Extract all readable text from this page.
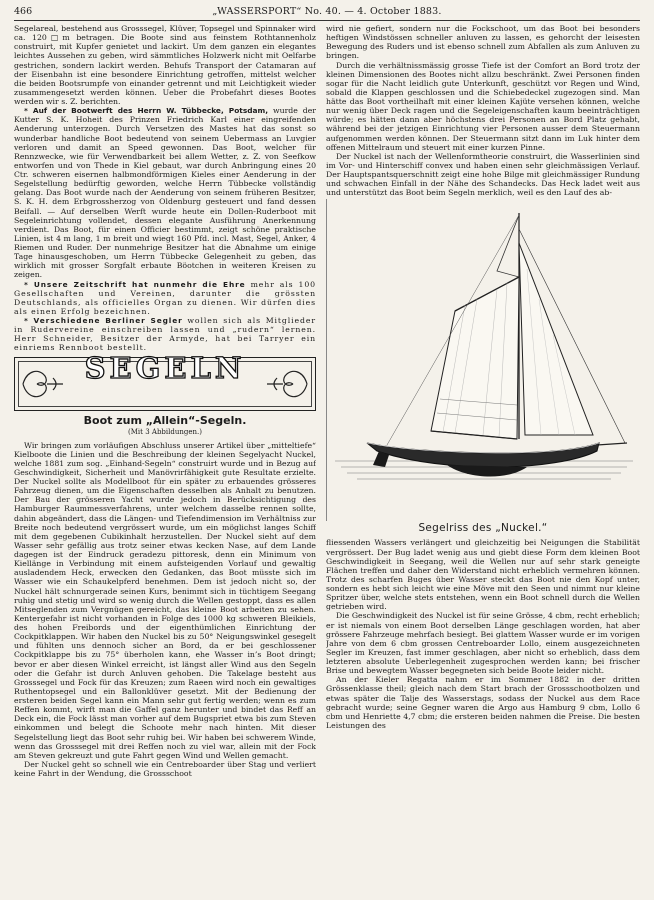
„WASSERSPORT“ No. 40. — 4. October 1883.
466

Segelareal, bestehend aus Grosssegel, Klüver, Topsegel und Spinnaker wird ca. 120□m betragen. Die Boote sind aus feinstem Rothtannenholz construirt, mit Kupfer genietet und lackirt. Um dem ganzen ein elegantes leichtes Aussehen zu geben, wird sämmtliches Holzwerk nicht mit Oelfarbe gestrichen, sondern lackirt werden. Behufs Transport der Catamaran auf der Eisenbahn ist eine besondere Einrichtung getroffen, mittelst welcher die beiden Bootsrumpfe von einander getrennt und mit Leichtigkeit wieder zusammengesetzt werden können. Ueber die Probefahrt dieses Bootes werden wir s. Z. berichten.

* Auf der Bootwerft des Herrn W. Tübbecke, Potsdam, wurde der Kutter S. K. Hoheit des Prinzen Friedrich Karl einer eingreifenden Aenderung unterzogen. Durch Versetzen des Mastes hat das sonst so wunderbar handliche Boot bedeutend von seinem Uebermass an Luvgier verloren und damit an Speed gewonnen. Das Boot, welcher für Rennzwecke, wie für Verwendbarkeit bei allem Wetter, z. Z. von Seefkow entworfen und von Thede in Kiel gebaut, war durch Anbringung eines 20 Ctr. schweren eisernen halbmondförmigen Kieles einer Aenderung in der Segelstellung bedürftig geworden, welche Herrn Tübbecke vollständig gelang. Das Boot wurde nach der Aenderung von seinem früheren Besitzer, S. K. H. dem Erbgrossherzog von Oldenburg gesteuert und fand dessen Beifall. — Auf derselben Werft wurde heute ein Dollen-Ruderboot mit Segeleinrichtung vollendet, dessen elegante Ausführung Anerkennung verdient. Das Boot, für einen Officier bestimmt, zeigt schöne praktische Linien, ist 4 m lang, 1 m breit und wiegt 160 Pfd. incl. Mast, Segel, Anker, 4 Riemen und Ruder. Der nunmehrige Besitzer hat die Abnahme um einige Tage hinausgeschoben, um Herrn Tübbecke Gelegenheit zu geben, das wirklich mit grosser Sorgfalt erbaute Böotchen in weiteren Kreisen zu zeigen.

* Unsere Zeitschrift hat nunmehr die Ehre mehr als 100 Gesellschaften und Vereinen, darunter die grössten Deutschlands, als officielles Organ zu dienen. Wir dürfen dies als einen Erfolg bezeichnen.

* Verschiedene Berliner Segler wollen sich als Mitglieder in Rudervereine einschreiben lassen und „rudern“ lernen. Herr Schneider, Besitzer der Armyde, hat bei Tarryer ein einriems Rennboot bestellt.

SEGELN
Boot zum „Allein“-Segeln.
(Mit 3 Abbildungen.)

Wir bringen zum vorläufigen Abschluss unserer Artikel über „mitteltiefe“ Kielboote die Linien und die Beschreibung der kleinen Segelyacht Nuckel, welche 1881 zum sog. „Einhand-Segeln“ construirt wurde und in Bezug auf Geschwindigkeit, Sicherheit und Manövrirfähigkeit gute Resultate erzielte. Der Nuckel sollte als Modellboot für ein später zu erbauendes grösseres Fahrzeug dienen, um die Eigenschaften desselben als Anhalt zu benutzen. Der Bau der grösseren Yacht wurde jedoch in Berücksichtigung des Hamburger Raummessverfahrens, unter welchem dasselbe rennen sollte, dahin abgeändert, dass die Längen- und Tiefendimension im Verhältniss zur Breite noch bedeutend vergrössert wurde, um ein möglichst langes Schiff mit dem gegebenen Cubikinhalt herzustellen. Der Nuckel sieht auf dem Wasser sehr gefällig aus trotz seiner etwas kecken Nase, auf dem Lande dagegen ist der Eindruck geradezu pittoresk, denn ein Minimum von Kiellänge in Verbindung mit einem aufsteigenden Vorlauf und gewaltig ausladendem Heck, erwecken den Gedanken, das Boot müsste sich im Wasser wie ein Schaukelpferd benehmen. Dem ist jedoch nicht so, der Nuckel hält schnurgerade seinen Kurs, benimmt sich in tüchtigem Seegang ruhig und stetig und wird so wenig durch die Wellen gestoppt, dass es allen Mitseglenden zum Vergnügen gereicht, das kleine Boot arbeiten zu sehen. Kentergefahr ist nicht vorhanden in Folge des 1000 kg schweren Bleikiels, des hohen Freibords und der eigenthümlichen Einrichtung der Cockpitklappen. Wir haben den Nuckel bis zu 50° Neigungswinkel gesegelt und fühlten uns dennoch sicher an Bord, da er bei geschlossener Cockpitklappe bis zu 75° überholen kann, ehe Wasser in’s Boot dringt; bevor er aber diesen Winkel erreicht, ist längst aller Wind aus den Segeln oder die Gefahr ist durch Anluven gehoben. Die Takelage besteht aus Grosssegel und Fock für das Kreuzen; zum Raeen wird noch ein gewaltiges Ruthentopsegel und ein Ballonklüver gesetzt. Mit der Bedienung der ersteren beiden Segel kann ein Mann sehr gut fertig werden; wenn es zum Reffen kommt, wirft man die Gaffel ganz herunter und bindet das Reff an Deck ein, die Fock lässt man vorher auf dem Bugspriet etwa bis zum Steven einkommen und belegt die Schoote mehr nach hinten. Mit dieser Segelstellung liegt das Boot sehr ruhig bei. Wir haben bei schwerem Winde, wenn das Grosssegel mit drei Reffen noch zu viel war, allein mit der Fock am Steven gekreuzt und gute Fahrt gegen Wind und Wellen gemacht.

Der Nuckel geht so schnell wie ein Centreboarder über Stag und verliert keine Fahrt in der Wendung, die Grossschoot

wird nie gefiert, sondern nur die Fockschoot, um das Boot bei besonders heftigen Windstössen schneller anluven zu lassen, es gehorcht der leisesten Bewegung des Ruders und ist ebenso schnell zum Abfallen als zum Anluven zu bringen.

Durch die verhältnissmässig grosse Tiefe ist der Comfort an Bord trotz der kleinen Dimensionen des Bootes nicht allzu beschränkt. Zwei Personen finden sogar für die Nacht leidlich gute Unterkunft, geschützt vor Regen und Wind, sobald die Klappen geschlossen und die Schiebedeckel zugezogen sind. Man hätte das Boot vortheilhaft mit einer kleinen Kajüte versehen können, welche nur wenig über Deck ragen und die Segeleigenschaften kaum beeinträchtigen würde; es hätten dann aber höchstens drei Personen an Bord Platz gehabt, während bei der jetzigen Einrichtung vier Personen ausser dem Steuermann aufgenommen werden können. Der Steuermann sitzt dann im Luk hinter dem offenen Mittelraum und steuert mit einer kurzen Pinne.

Der Nuckel ist nach der Wellenformtheorie construirt, die Wasserlinien sind im Vor- und Hinterschiff convex und haben einen sehr gleichmässigen Verlauf. Der Hauptspantsquerschnitt zeigt eine hohe Bilge mit gleichmässiger Rundung und schwachen Einfall in der Nähe des Schandecks. Das Heck ladet weit aus und unterstützt das Boot beim Segeln merklich, weil es den Lauf des ab-

Segelriss des „Nuckel.“

fliessenden Wassers verlängert und gleichzeitig bei Neigungen die Stabilität vergrössert. Der Bug ladet wenig aus und giebt diese Form dem kleinen Boot Geschwindigkeit in Seegang, weil die Wellen nur auf sehr stark geneigte Flächen treffen und daher den Widerstand nicht erheblich vermehren können. Trotz des scharfen Buges über Wasser steckt das Boot nie den Kopf unter, sondern es hebt sich leicht wie eine Möve mit den Seen und nimmt nur kleine Spritzer über, welche stets entstehen, wenn ein Boot schnell durch die Wellen getrieben wird.

Die Geschwindigkeit des Nuckel ist für seine Grösse, 4 cbm, recht erheblich; er ist niemals von einem Boot derselben Länge geschlagen worden, hat aber grössere Fahrzeuge mehrfach besiegt. Bei glattem Wasser wurde er im vorigen Jahre von dem 6 cbm grossen Centreboarder Lollo, einem ausgezeichneten Segler im Kreuzen, fast immer geschlagen, aber nicht so erheblich, dass dem letzteren absolute Ueberlegenheit zugesprochen werden kann; bei frischer Brise und bewegtem Wasser begegneten sich beide Boote leider nicht.

An der Kieler Regatta nahm er im Sommer 1882 in der dritten Grössenklasse theil; gleich nach dem Start brach der Grossschootbolzen und etwas später die Talje des Wasserstags, sodass der Nuckel aus dem Race gebracht wurde; seine Gegner waren die Argo aus Hamburg 9 cbm, Lollo 6 cbm und Henriette 4,7 cbm; die ersteren beiden nahmen die Preise. Die besten Leistungen des
